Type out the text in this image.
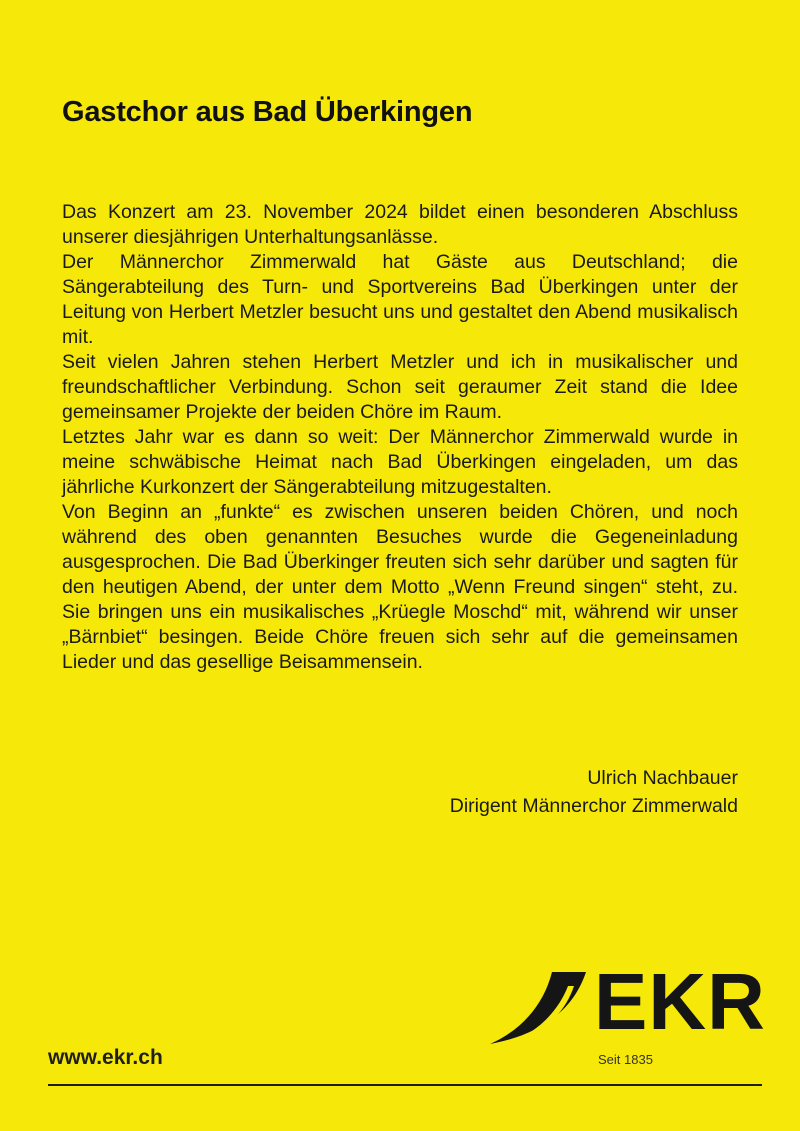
Gastchor aus Bad Überkingen

Das Konzert am 23. November 2024 bildet einen besonderen Abschluss unserer diesjährigen Unterhaltungsanlässe.

Der Männerchor Zimmerwald hat Gäste aus Deutschland; die Sängerabteilung des Turn- und Sportvereins Bad Überkingen unter der Leitung von Herbert Metzler besucht uns und gestaltet den Abend musikalisch mit.

Seit vielen Jahren stehen Herbert Metzler und ich in musikalischer und freundschaftlicher Verbindung. Schon seit geraumer Zeit stand die Idee gemeinsamer Projekte der beiden Chöre im Raum.

Letztes Jahr war es dann so weit: Der Männerchor Zimmerwald wurde in meine schwäbische Heimat nach Bad Überkingen eingeladen, um das jährliche Kurkonzert der Sängerabteilung mitzugestalten.

Von Beginn an „funkte“ es zwischen unseren beiden Chören, und noch während des oben genannten Besuches wurde die Gegeneinladung ausgesprochen. Die Bad Überkinger freuten sich sehr darüber und sagten für den heutigen Abend, der unter dem Motto „Wenn Freund singen“ steht, zu. Sie bringen uns ein musikalisches „Krüegle Moschd“ mit, während wir unser „Bärnbiet“ besingen. Beide Chöre freuen sich sehr auf die gemeinsamen Lieder und das gesellige Beisammensein.

Ulrich Nachbauer
Dirigent Männerchor Zimmerwald
www.ekr.ch
EKR
Seit 1835
